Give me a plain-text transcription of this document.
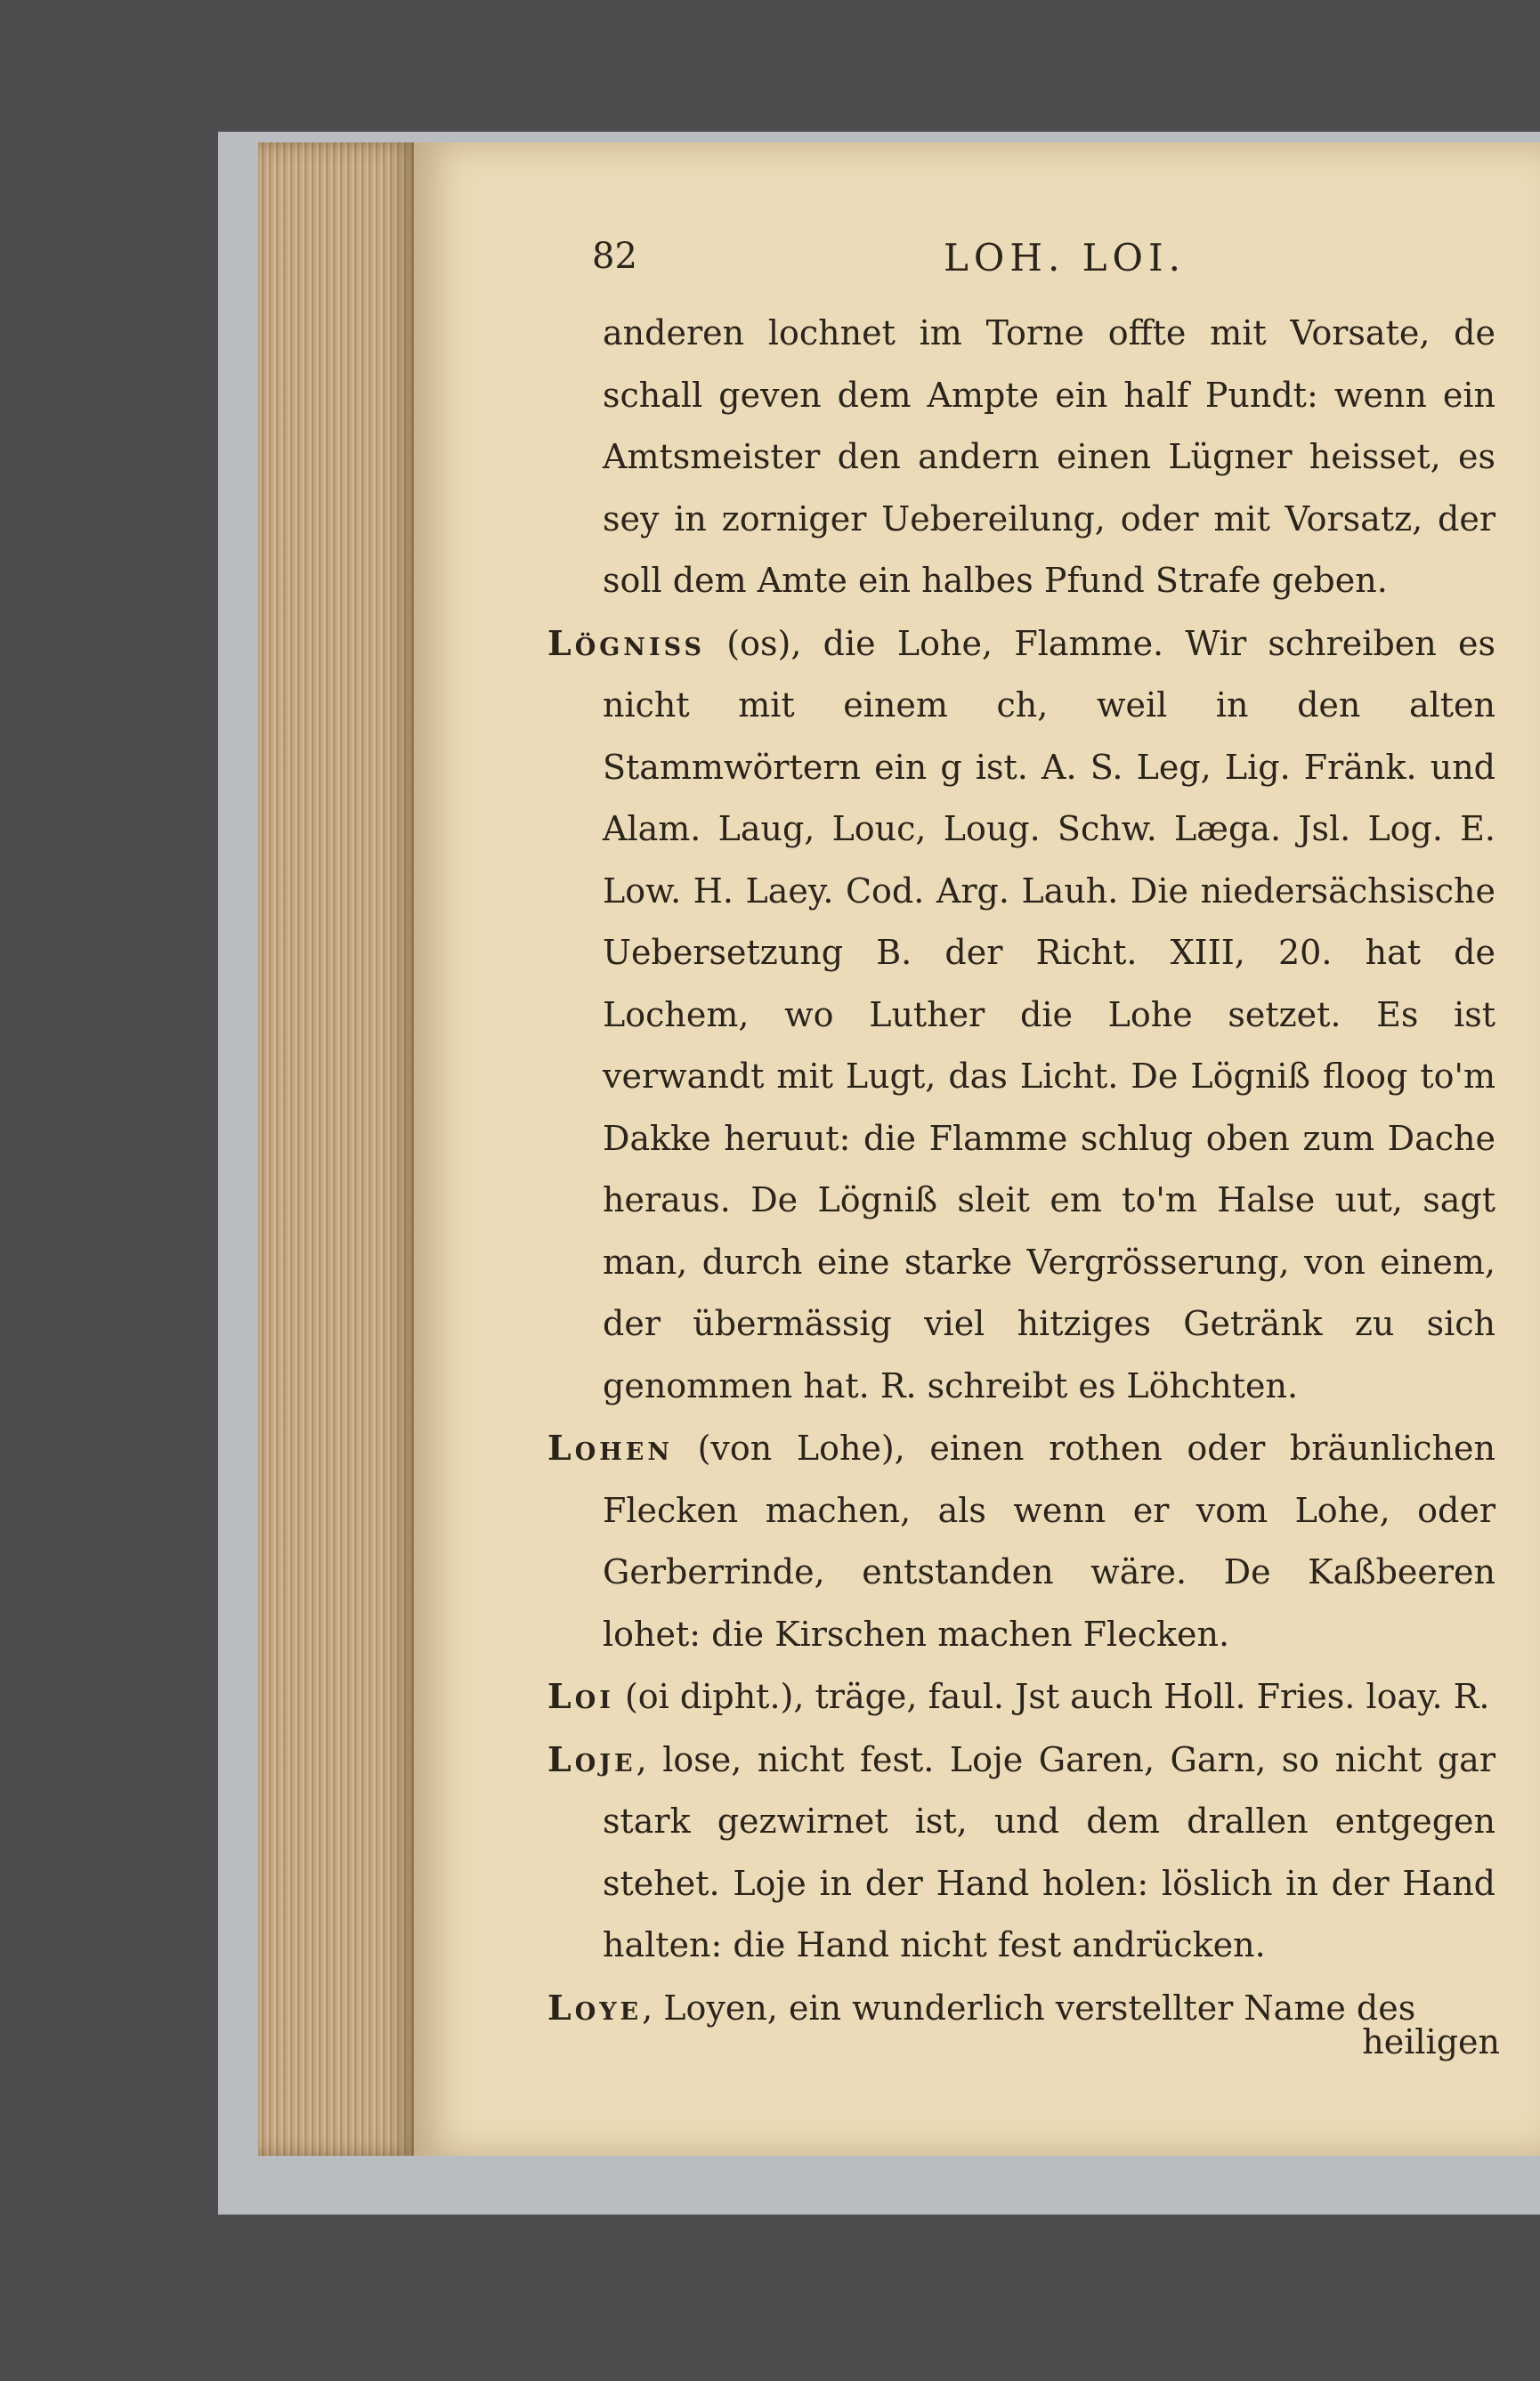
82	LOH. LOI.

anderen lochnet im Torne offte mit Vorsate, de schall geven dem Ampte ein half Pundt: wenn ein Amtsmeister den andern einen Lügner heisset, es sey in zorniger Uebereilung, oder mit Vorsatz, der soll dem Amte ein halbes Pfund Strafe geben.

Lögniss (os), die Lohe, Flamme. Wir schreiben es nicht mit einem ch, weil in den alten Stammwörtern ein g ist. A. S. Leg, Lig. Fränk. und Alam. Laug, Louc, Loug. Schw. Læga. Jsl. Log. E. Low. H. Laey. Cod. Arg. Lauh. Die niedersächsische Uebersetzung B. der Richt. XIII, 20. hat de Lochem, wo Luther die Lohe setzet. Es ist verwandt mit Lugt, das Licht. De Lögniß floog to'm Dakke heruut: die Flamme schlug oben zum Dache heraus. De Lögniß sleit em to'm Halse uut, sagt man, durch eine starke Vergrösserung, von einem, der übermässig viel hitziges Getränk zu sich genommen hat. R. schreibt es Löhchten.

Lohen (von Lohe), einen rothen oder bräunlichen Flecken machen, als wenn er vom Lohe, oder Gerberrinde, entstanden wäre. De Kaßbeeren lohet: die Kirschen machen Flecken.

Loi (oi dipht.), träge, faul. Jst auch Holl. Fries. loay. R.

Loje, lose, nicht fest. Loje Garen, Garn, so nicht gar stark gezwirnet ist, und dem drallen entgegen stehet. Loje in der Hand holen: löslich in der Hand halten: die Hand nicht fest andrücken.

Loye, Loyen, ein wunderlich verstellter Name des

heiligen
